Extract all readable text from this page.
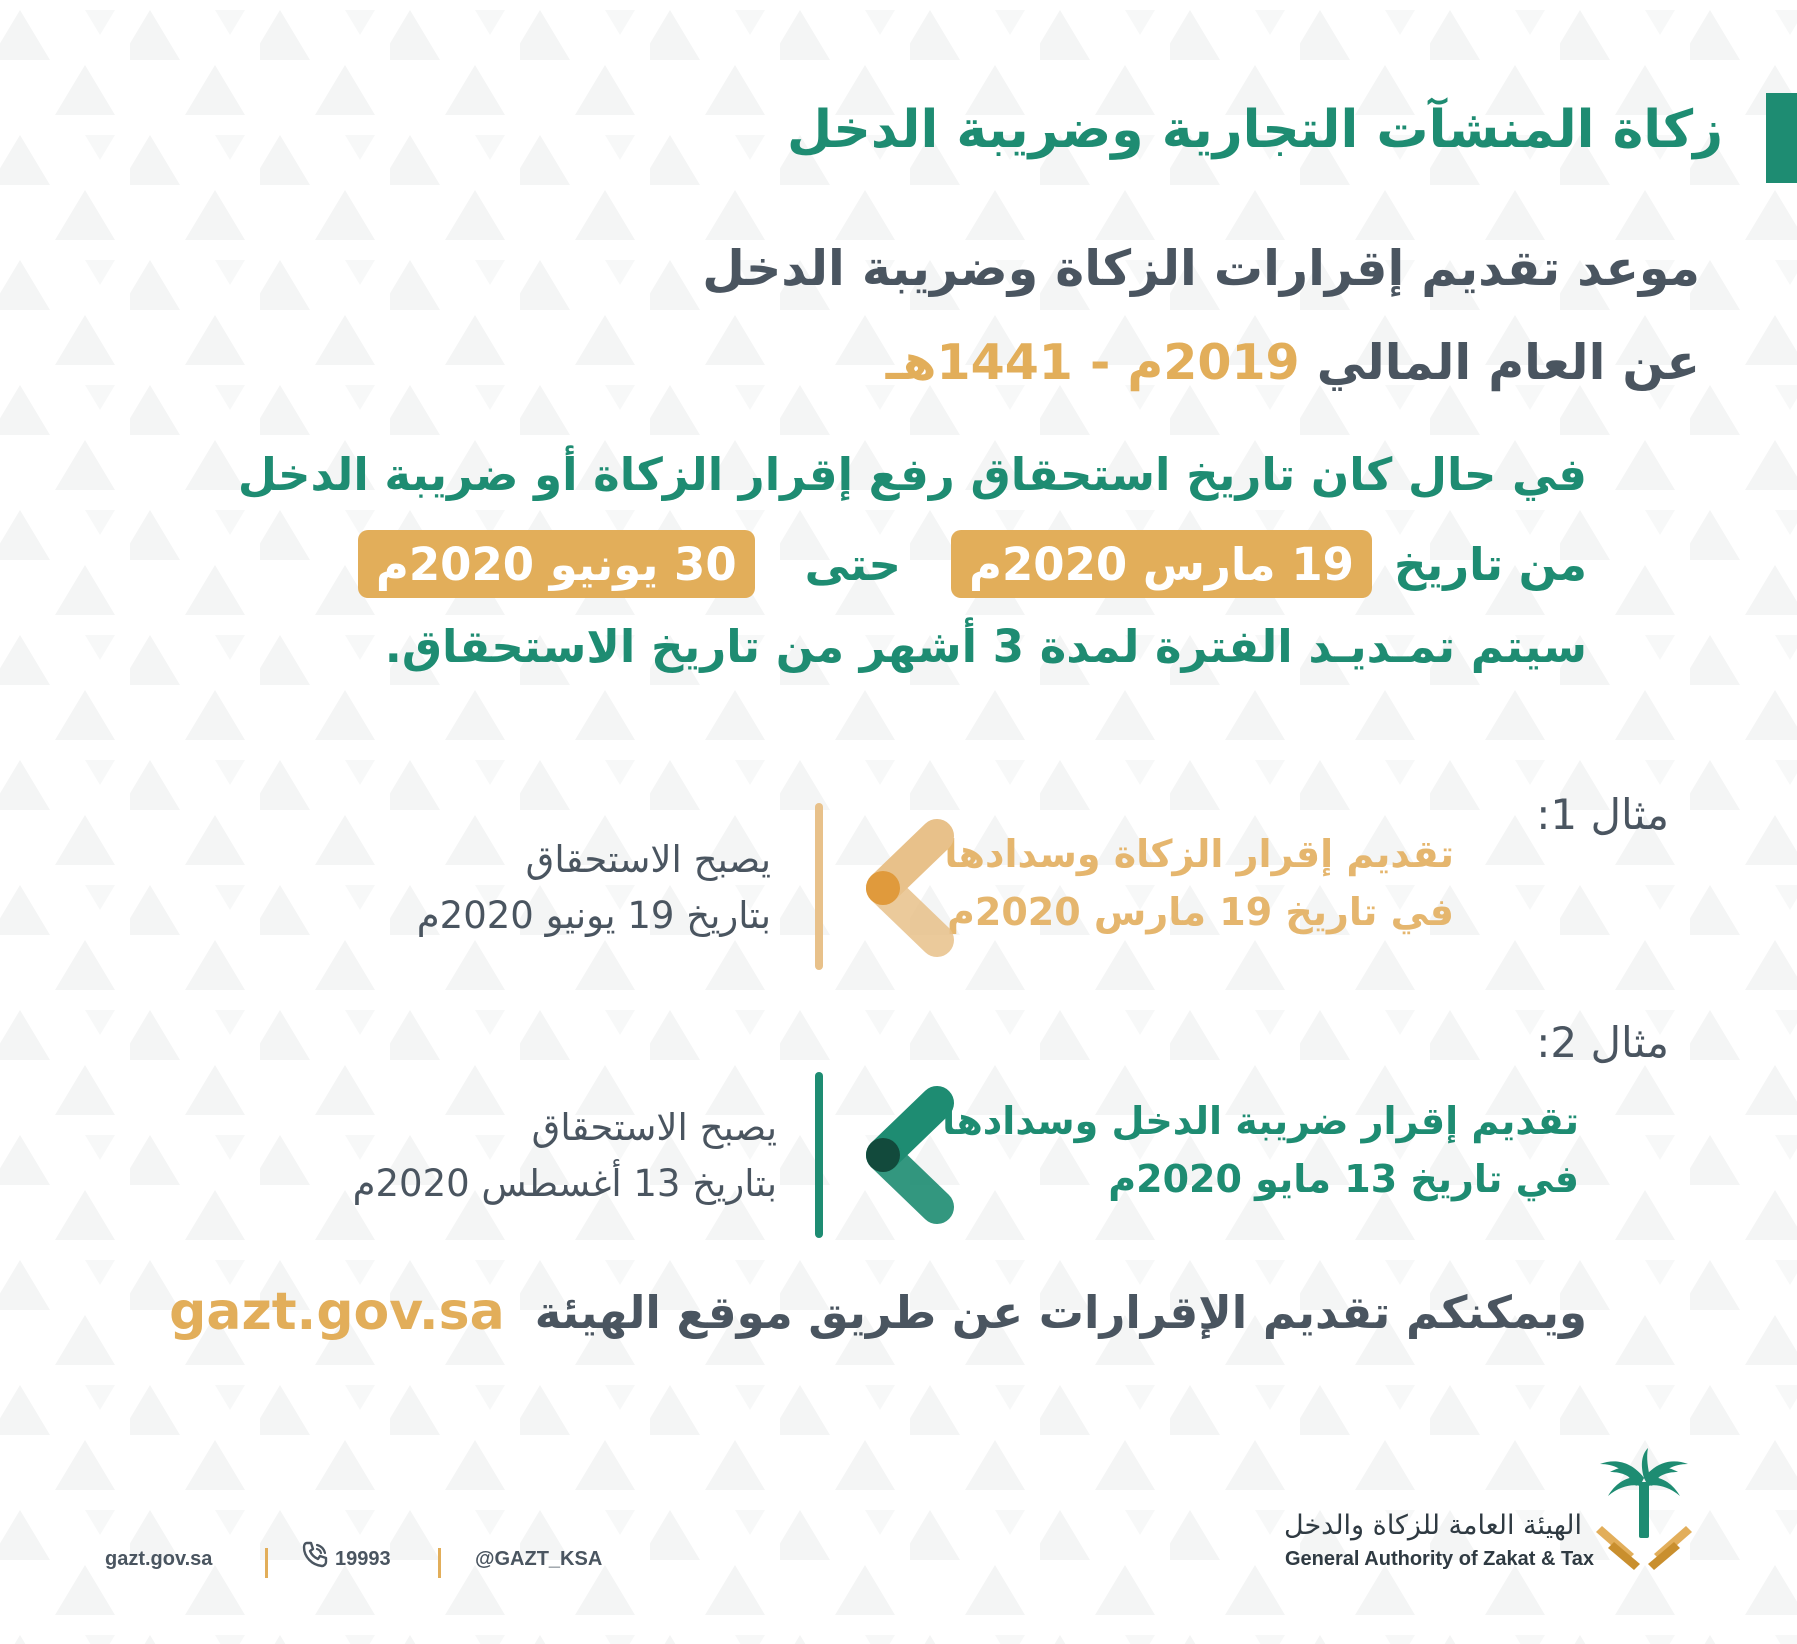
زكاة المنشآت التجارية وضريبة الدخل
موعد تقديم إقرارات الزكاة وضريبة الدخل
عن العام المالي 2019م - 1441هـ
في حال كان تاريخ استحقاق رفع إقرار الزكاة أو ضريبة الدخل
من تاريخ
19 مارس 2020م
حتى
30 يونيو 2020م
سيتم تمـديـد الفترة لمدة 3 أشهر من تاريخ الاستحقاق.
مثال 1:
تقديم إقرار الزكاة وسدادها
في تاريخ 19 مارس 2020م
يصبح الاستحقاق
بتاريخ 19 يونيو 2020م
مثال 2:
تقديم إقرار ضريبة الدخل وسدادها
في تاريخ 13 مايو 2020م
يصبح الاستحقاق
بتاريخ 13 أغسطس 2020م
ويمكنكم تقديم الإقرارات عن طريق موقع الهيئة
gazt.gov.sa
gazt.gov.sa	19993	@GAZT_KSA
الهيئة العامة للزكاة والدخل
General Authority of Zakat & Tax
